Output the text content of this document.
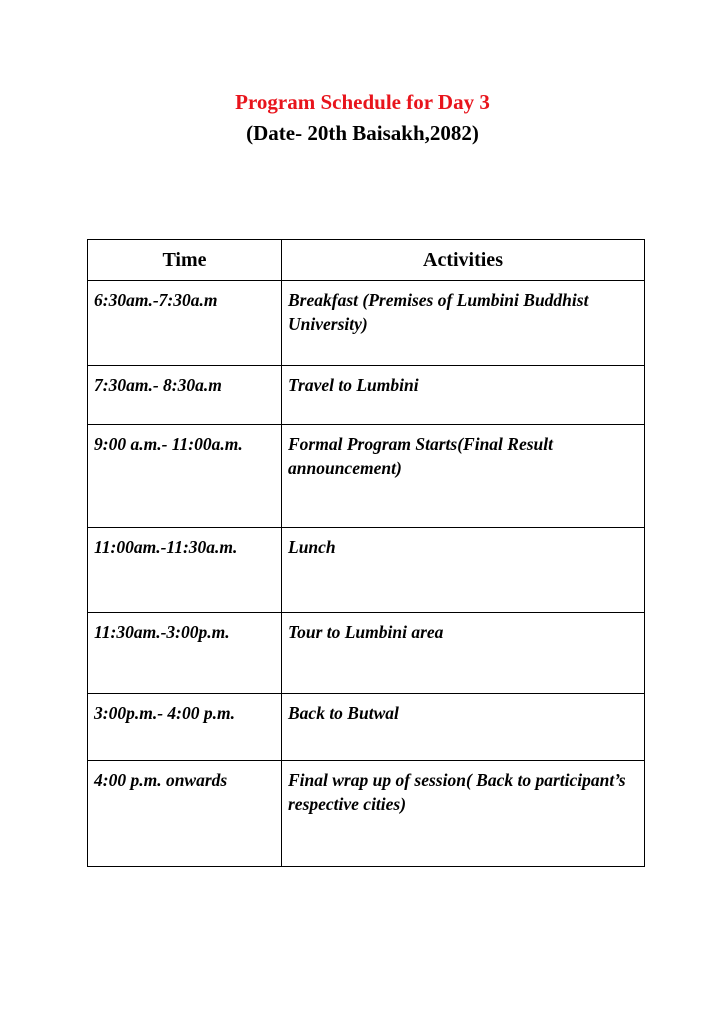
Program Schedule for Day 3
(Date- 20th Baisakh,2082)
Time	Activities
6:30am.-7:30a.m	Breakfast (Premises of Lumbini Buddhist University)
7:30am.- 8:30a.m	Travel to Lumbini
9:00 a.m.- 11:00a.m.	Formal Program Starts(Final Result announcement)
11:00am.-11:30a.m.	Lunch
11:30am.-3:00p.m.	Tour to Lumbini area
3:00p.m.- 4:00 p.m.	Back to Butwal
4:00 p.m. onwards	Final wrap up of session( Back to participant’s respective cities)
